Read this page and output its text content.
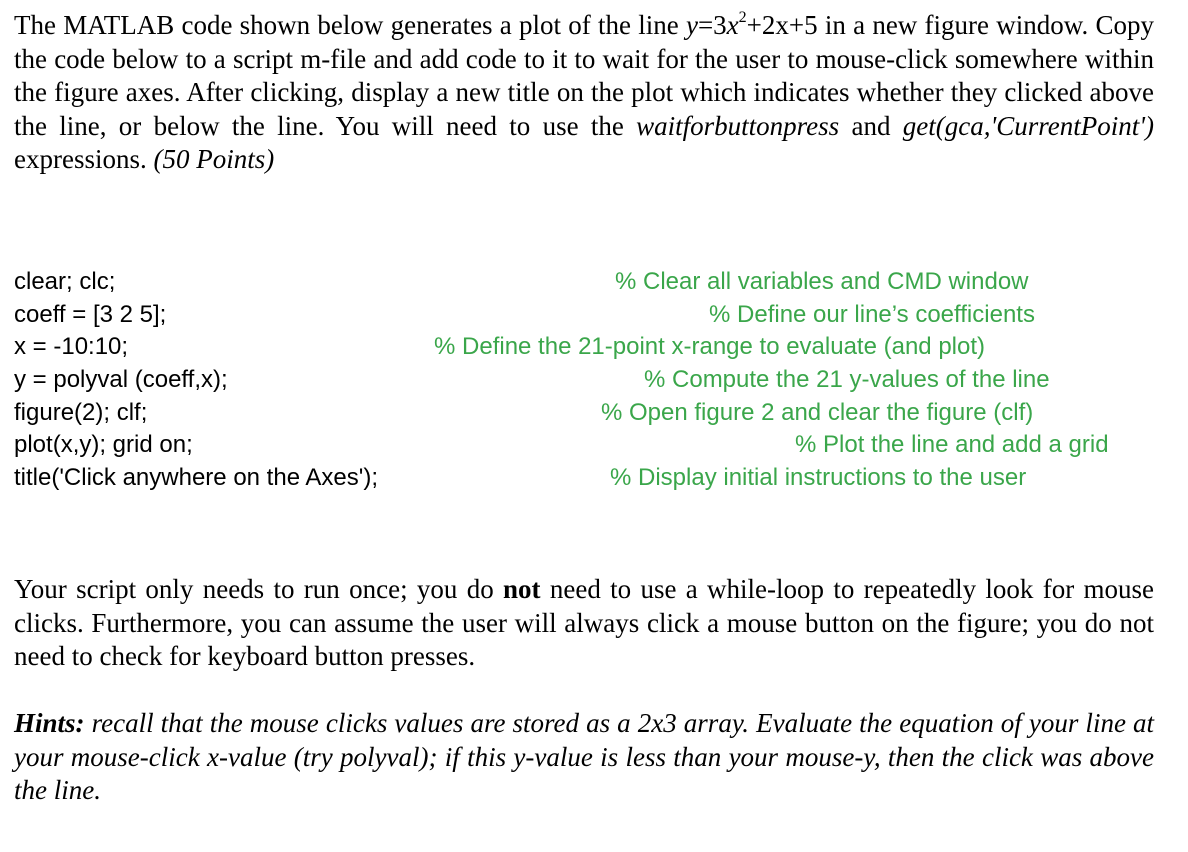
The MATLAB code shown below generates a plot of the line $y=3x^2+2x+5$ in a new figure window. Copy the code below to a script m-file and add code to it to wait for the user to mouse-click somewhere within the figure axes. After clicking, display a new title on the plot which indicates whether they clicked above the line, or below the line. You will need to use the waitforbuttonpress and get(gca,'CurrentPoint') expressions. (50 Points)

clear; clc;

	% Clear all variables and CMD window

coeff = [3 2 5];

	% Define our line’s coefficients

x = -10:10;

	% Define the 21-point x-range to evaluate (and plot)

y = polyval (coeff,x);

	% Compute the 21 y-values of the line

figure(2); clf;

	% Open figure 2 and clear the figure (clf)

plot(x,y); grid on;

	% Plot the line and add a grid

title('Click anywhere on the Axes');

	% Display initial instructions to the user

Your script only needs to run once; you do not need to use a while-loop to repeatedly look for mouse clicks. Furthermore, you can assume the user will always click a mouse button on the figure; you do not need to check for keyboard button presses.

Hints: recall that the mouse clicks values are stored as a 2x3 array. Evaluate the equation of your line at your mouse-click x-value (try polyval); if this y-value is less than your mouse-y, then the click was above the line.
